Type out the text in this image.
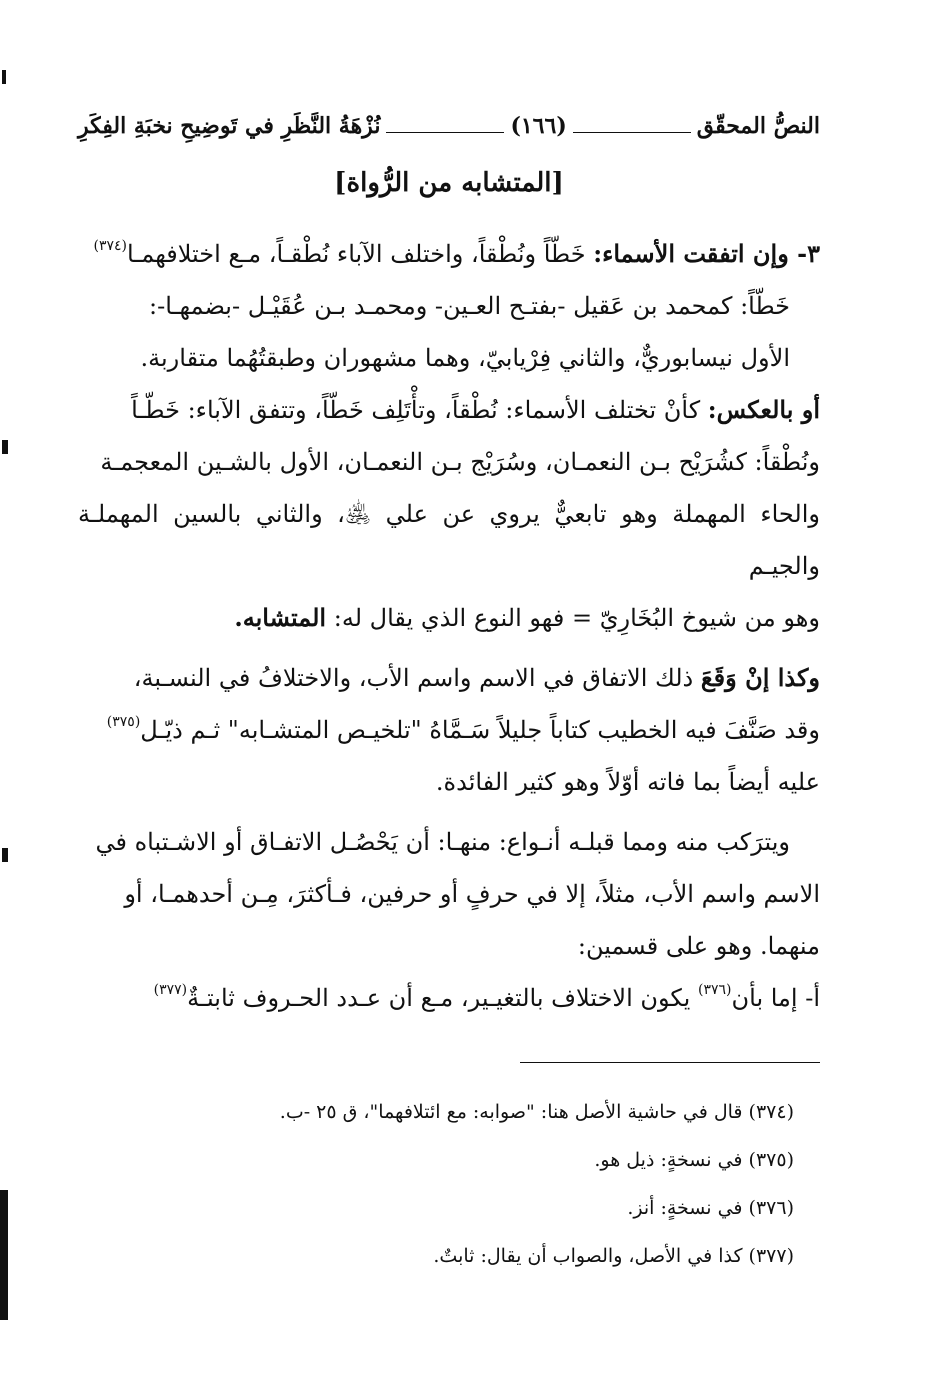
النصُّ المحقّق
(١٦٦)
نُزْهَةُ النَّظَرِ في تَوضِيحِ نخبَةِ الفِكَرِ
[المتشابه من الرُّواة]

٣- وإن اتفقت الأسماء: خَطّاً ونُطْقاً، واختلف الآباء نُطْقـاً، مـع اختلافهمـا$^{(٣٧٤)}$

خَطّاً: كمحمد بن عَقيل -بفتـح العـين- ومحمـد بـن عُقَيْـل -بضمهـا-:

الأول نيسابوريٌّ، والثاني فِرْيابيّ، وهما مشهوران وطبقتُهُما متقاربة.

أو بالعكس: كأنْ تختلف الأسماء: نُطْقاً، وتأْتَلِف خَطّاً، وتتفق الآباء: خَطّـاً

ونُطْقاً: كشُرَيْح بـن النعمـان، وسُرَيْج بـن النعمـان، الأول بالشـين المعجمـة

والحاء المهملة وهو تابعيٌّ يروي عن علي ﵁، والثاني بالسين المهملـة والجيـم

وهو من شيوخ البُخَارِيّ = فهو النوع الذي يقال له: المتشابه.

وكذا إنْ وَقَعَ ذلك الاتفاق في الاسم واسم الأب، والاختلافُ في النسـبة،

وقد صَنَّفَ فيه الخطيب كتاباً جليلاً سَـمَّاهُ "تلخيـص المتشـابه" ثـم ذيّـل$^{(٣٧٥)}$

عليه أيضاً بما فاته أوّلاً وهو كثير الفائدة.

ويترَكب منه ومما قبلـه أنـواع: منهـا: أن يَحْصُـل الاتفـاق أو الاشـتباه في

الاسم واسم الأب، مثلاً، إلا في حرفٍ أو حرفين، فـأكثرَ، مِـن أحدهمـا، أو

منهما. وهو على قسمين:

أ- إما بأن$^{(٣٧٦)}$ يكون الاختلاف بالتغيـير، مـع أن عـدد الحـروف ثابتـةٌ$^{(٣٧٧)}$

(٣٧٤) قال في حاشية الأصل هنا: "صوابه: مع ائتلافهما"، ق ٢٥ -ب.
(٣٧٥) في نسخةٍ: ذيل هو.
(٣٧٦) في نسخةٍ: أنز.
(٣٧٧) كذا في الأصل، والصواب أن يقال: ثابتٌ.
